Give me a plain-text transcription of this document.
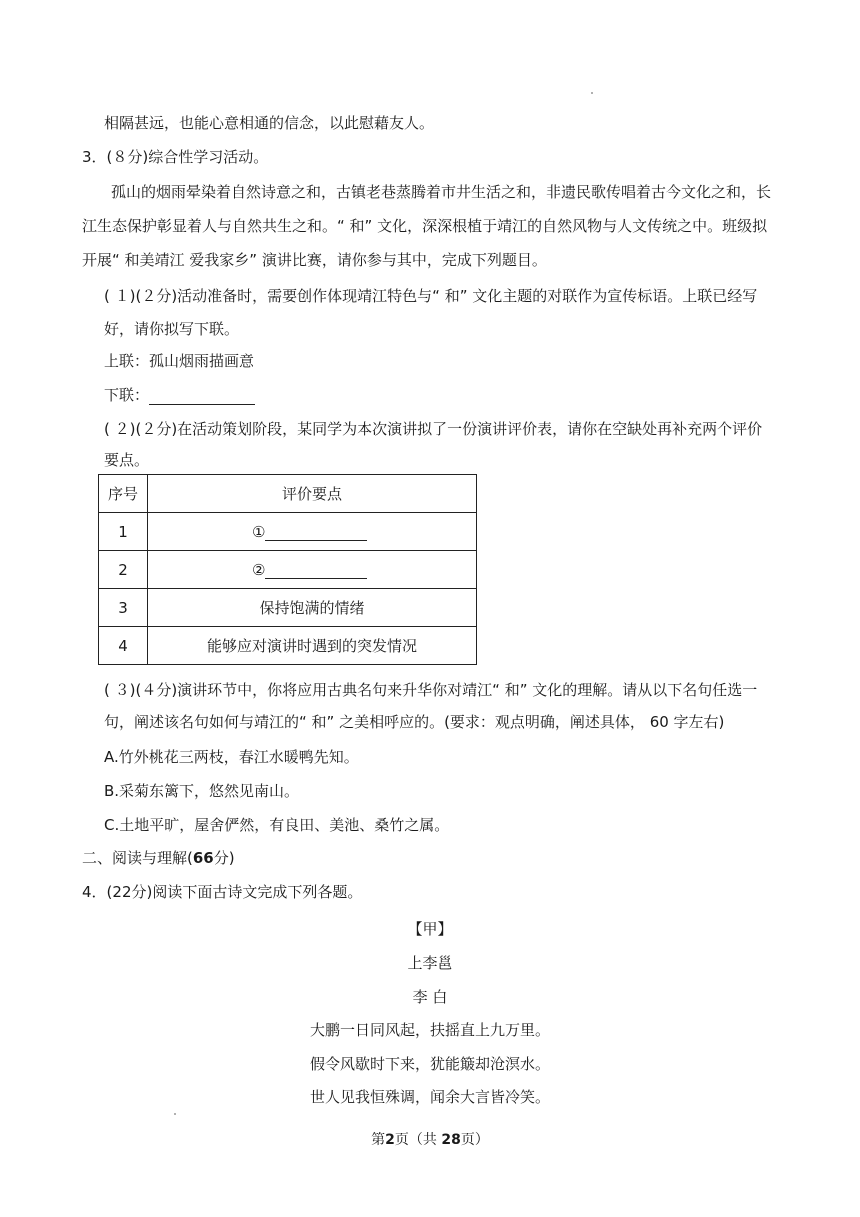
相隔甚远，也能心意相通的信念，以此慰藉友人。
3．(８分)综合性学习活动。
孤山的烟雨晕染着自然诗意之和，古镇老巷蒸腾着市井生活之和，非遗民歌传唱着古今文化之和，长
江生态保护彰显着人与自然共生之和。“ 和” 文化，深深根植于靖江的自然风物与人文传统之中。班级拟
开展“ 和美靖江 爱我家乡” 演讲比赛，请你参与其中，完成下列题目。
( １)(２分)活动准备时，需要创作体现靖江特色与“ 和” 文化主题的对联作为宣传标语。上联已经写
好，请你拟写下联。
上联：孤山烟雨描画意
下联：
( ２)(２分)在活动策划阶段，某同学为本次演讲拟了一份演讲评价表，请你在空缺处再补充两个评价
要点。
序号	评价要点
1	①
2	②
3	保持饱满的情绪
4	能够应对演讲时遇到的突发情况
( ３)(４分)演讲环节中，你将应用古典名句来升华你对靖江“ 和” 文化的理解。请从以下名句任选一
句，阐述该名句如何与靖江的“ 和” 之美相呼应的。(要求：观点明确，阐述具体， 60 字左右)
A.竹外桃花三两枝，春江水暖鸭先知。
B.采菊东篱下，悠然见南山。
C.土地平旷，屋舍俨然，有良田、美池、桑竹之属。
二、阅读与理解(66分)
4．(22分)阅读下面古诗文完成下列各题。
【甲】
上李邕
李 白
大鹏一日同风起，扶摇直上九万里。
假令风歇时下来，犹能簸却沧溟水。
世人见我恒殊调，闻余大言皆冷笑。
第2页（共 28页）
